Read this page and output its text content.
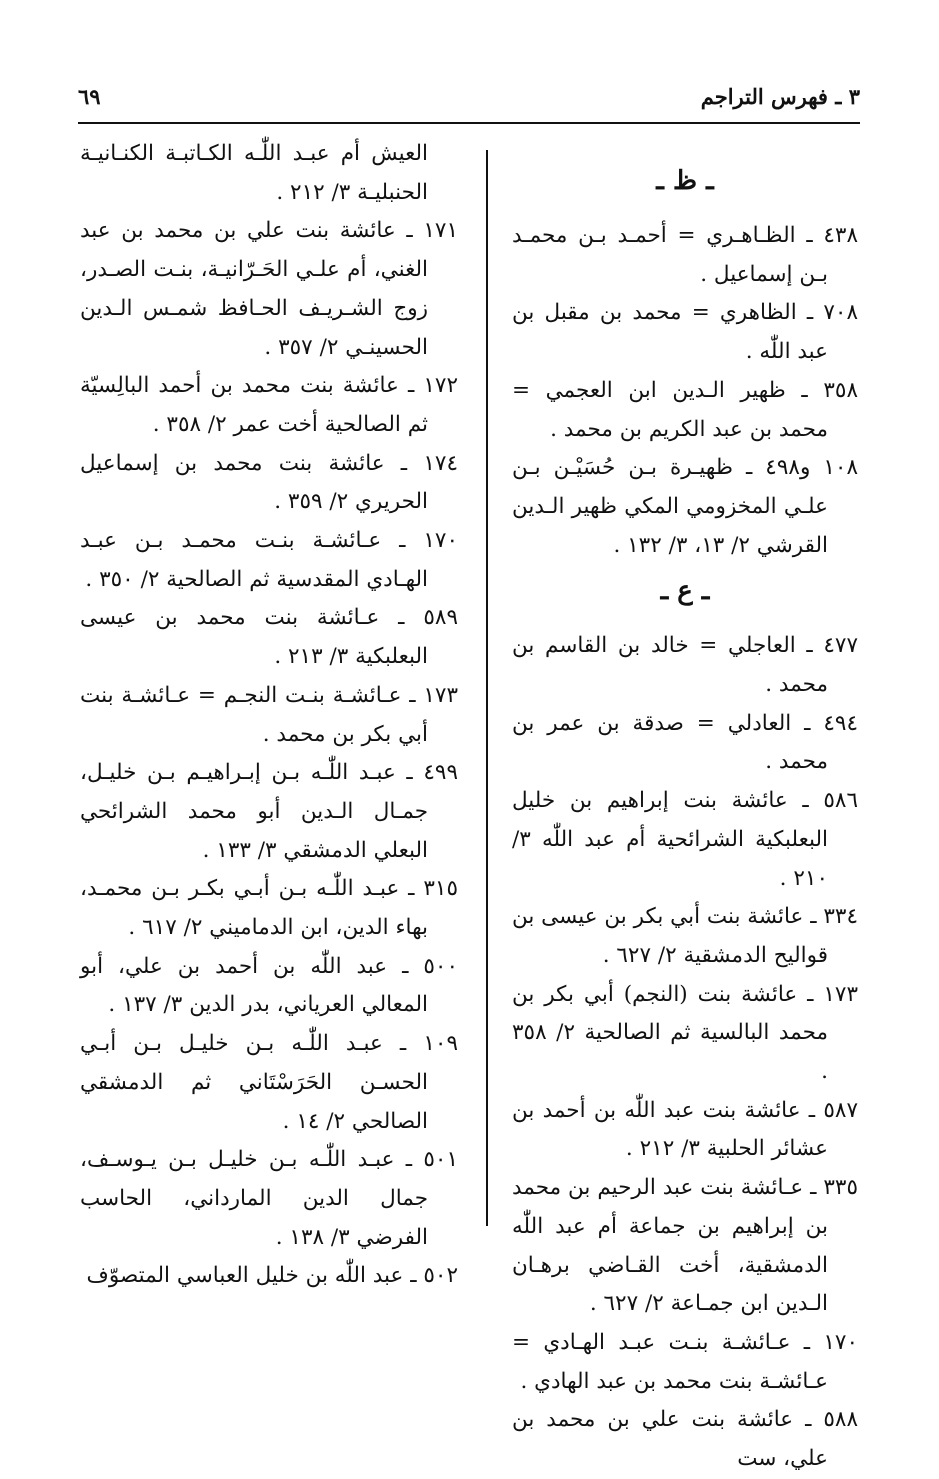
٣ ـ فهرس التراجم
٦٩
ـ ظ ـ
٤٣٨ ـ الظـاهـري = أحمـد بـن محمـد بـن إسماعيل .
٧٠٨ ـ الظاهري = محمد بن مقبل بن عبد اللّٰه .
٣٥٨ ـ ظهير الـدين ابن العجمي = محمد بن عبد الكريم بن محمد .
١٠٨ و٤٩٨ ـ ظهيـرة بـن حُسَيْـن بـن علـي المخزومي المكي ظهير الـدين القرشي ٢/ ١٣، ٣/ ١٣٢ .
ـ ع ـ
٤٧٧ ـ العاجلي = خالد بن القاسم بن محمد .
٤٩٤ ـ العادلي = صدقة بن عمر بن محمد .
٥٨٦ ـ عائشة بنت إبراهيم بن خليل البعلبكية الشرائحية أم عبد اللّٰه ٣/ ٢١٠ .
٣٣٤ ـ عائشة بنت أبي بكر بن عيسى بن قواليح الدمشقية ٢/ ٦٢٧ .
١٧٣ ـ عائشة بنت (النجم) أبي بكر بن محمد البالسية ثم الصالحية ٢/ ٣٥٨ .
٥٨٧ ـ عائشة بنت عبد اللّٰه بن أحمد بن عشائر الحلبية ٣/ ٢١٢ .
٣٣٥ ـ عـائشة بنت عبد الرحيم بن محمد بن إبراهيم بن جماعة أم عبد اللّٰه الدمشقية، أخت القـاضي برهـان الـدين ابن جمـاعة ٢/ ٦٢٧ .
١٧٠ ـ عـائشـة بنـت عبـد الهـادي = عـائشـة بنت محمد بن عبد الهادي .
٥٨٨ ـ عائشة بنت علي بن محمد بن علي، ست
العيش أم عبـد اللّٰـه الكـاتبـة الكنـانيـة الحنبليـة ٣/ ٢١٢ .
١٧١ ـ عائشة بنت علي بن محمد بن عبد الغني، أم علـي الحَـرّانيـة، بنـت الصـدر، زوج الشـريـف الحـافظ شمـس الـدين الحسينـي ٢/ ٣٥٧ .
١٧٢ ـ عائشة بنت محمد بن أحمد البالِسيّة ثم الصالحية أخت عمر ٢/ ٣٥٨ .
١٧٤ ـ عائشة بنت محمد بن إسماعيل الحريري ٢/ ٣٥٩ .
١٧٠ ـ عـائشـة بنـت محمـد بـن عبـد الهـادي المقدسية ثم الصالحية ٢/ ٣٥٠ .
٥٨٩ ـ عـائشة بنت محمد بن عيسى البعلبكية ٣/ ٢١٣ .
١٧٣ ـ عـائشـة بنـت النجـم = عـائشـة بنت أبي بكر بن محمد .
٤٩٩ ـ عبـد اللّٰـه بـن إبـراهيـم بـن خليـل، جمـال الـدين أبو محمد الشرائحي البعلي الدمشقي ٣/ ١٣٣ .
٣١٥ ـ عبـد اللّٰـه بـن أبـي بكـر بـن محمـد، بهاء الدين، ابن الدماميني ٢/ ٦١٧ .
٥٠٠ ـ عبد اللّٰه بن أحمد بن علي، أبو المعالي العرياني، بدر الدين ٣/ ١٣٧ .
١٠٩ ـ عبـد اللّٰـه بـن خليـل بـن أبـي الحسـن الحَرَسْتَاني ثم الدمشقي الصالحي ٢/ ١٤ .
٥٠١ ـ عبـد اللّٰـه بـن خليـل بـن يـوسـف، جمال الدين المارداني، الحاسب الفرضي ٣/ ١٣٨ .
٥٠٢ ـ عبد اللّٰه بن خليل العباسي المتصوّف
